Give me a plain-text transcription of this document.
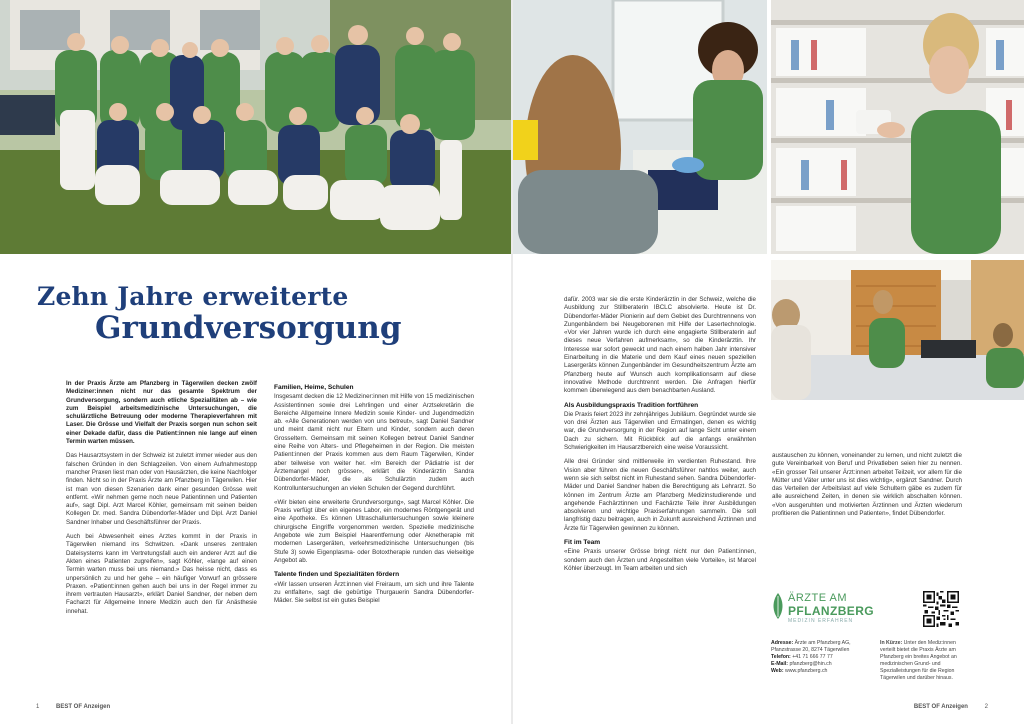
Zehn Jahre erweiterte
Grundversorgung

In der Praxis Ärzte am Pfanzberg in Tägerwilen decken zwölf Mediziner:innen nicht nur das gesamte Spektrum der Grundversorgung, sondern auch etliche Spezialitäten ab – wie zum Beispiel arbeitsmedizinische Untersuchungen, die schulärztliche Betreuung oder moderne Therapieverfahren mit Laser. Die Grösse und Vielfalt der Praxis sorgen nun schon seit einer Dekade dafür, dass die Patient:innen nie lange auf einen Termin warten müssen.

Das Hausarztsystem in der Schweiz ist zuletzt immer wieder aus den falschen Gründen in den Schlagzeilen. Von einem Aufnahmestopp mancher Praxen liest man oder von Hausärzten, die keine Nachfolger finden. Nicht so in der Praxis Ärzte am Pfanzberg in Tägerwilen. Hier ist man von diesen Szenarien dank einer gesunden Grösse weit entfernt. «Wir nehmen gerne noch neue Patientinnen und Patienten auf», sagt Dipl. Arzt Marcel Köhler, gemeinsam mit seinen beiden Kollegen Dr. med. Sandra Dübendorfer-Mäder und Dipl. Arzt Daniel Sandner Inhaber und Geschäftsführer der Praxis.

Auch bei Abwesenheit eines Arztes kommt in der Praxis in Tägerwilen niemand ins Schwitzen. «Dank unseres zentralen Dateisystems kann im Vertretungsfall auch ein anderer Arzt auf die Akten eines Patienten zugreifen», sagt Köhler, «lange auf einen Termin warten muss bei uns niemand.» Das heisse nicht, dass es unpersönlich zu und her gehe – ein häufiger Vorwurf an grössere Praxen. «Patient:innen gehen auch bei uns in der Regel immer zu ihrem vertrauten Hausarzt», erklärt Daniel Sandner, der neben dem Facharzt für Allgemeine Innere Medizin auch den für Anästhesie innehat.

Familien, Heime, Schulen

Insgesamt decken die 12 Mediziner:innen mit Hilfe von 15 medizinischen Assistentinnen sowie drei Lehrlingen und einer Arztsekretärin die Bereiche Allgemeine Innere Medizin sowie Kinder- und Jugendmedizin ab. «Alle Generationen werden von uns betreut», sagt Daniel Sandner und meint damit nicht nur Eltern und Kinder, sondern auch deren Grosseltern. Gemeinsam mit seinen Kollegen betreut Daniel Sandner eine Reihe von Alters- und Pflegeheimen in der Region. Die meisten Patient:innen der Praxis kommen aus dem Raum Tägerwilen, Kinder aber teilweise von weiter her. «Im Bereich der Pädiatrie ist der Ärztemangel noch grösser», erklärt die Kinderärztin Sandra Dübendorfer-Mäder, die als Schulärztin zudem auch Kontrolluntersuchungen an vielen Schulen der Gegend durchführt.

«Wir bieten eine erweiterte Grundversorgung», sagt Marcel Köhler. Die Praxis verfügt über ein eigenes Labor, ein modernes Röntgengerät und eine Apotheke. Es können Ultraschalluntersuchungen sowie kleinere chirurgische Eingriffe vorgenommen werden. Spezielle medizinische Angebote wie zum Beispiel Haarentfernung oder Aknetherapie mit modernen Lasergeräten, verkehrsmedizinische Untersuchungen (bis Stufe 3) sowie Eigenplasma- oder Botoxtherapie runden das vielseitige Angebot ab.

Talente finden und Spezialitäten fördern

«Wir lassen unseren Ärzt:innen viel Freiraum, um sich und ihre Talente zu entfalten», sagt die gebürtige Thurgauerin Sandra Dübendorfer-Mäder. Sie selbst ist ein gutes Beispiel

dafür. 2003 war sie die erste Kinderärztin in der Schweiz, welche die Ausbildung zur Stillberaterin IBCLC absolvierte. Heute ist Dr. Dübendorfer-Mäder Pionierin auf dem Gebiet des Durchtrennens von Zungenbändern bei Neugeborenen mit Hilfe der Lasertechnologie. «Vor vier Jahren wurde ich durch eine engagierte Stillberaterin auf dieses neue Verfahren aufmerksam», so die Kinderärztin. Ihr Interesse war sofort geweckt und nach einem halben Jahr intensiver Einarbeitung in die Materie und dem Kauf eines neuen speziellen Lasergeräts können Zungenbänder im Gesundheitszentrum Ärzte am Pfanzberg heute auf Wunsch auch komplikationsarm auf diese innovative Methode durchtrennt werden. Die Anfragen hierfür kommen überwiegend aus dem benachbarten Ausland.

Als Ausbildungspraxis Tradition fortführen

Die Praxis feiert 2023 ihr zehnjähriges Jubiläum. Gegründet wurde sie von drei Ärzten aus Tägerwilen und Ermatingen, denen es wichtig war, die Grundversorgung in der Region auf lange Sicht unter einem Dach zu sichern. Mit Rückblick auf die anfangs erwähnten Schwierigkeiten im Hausarztbereich eine weise Voraussicht.

Alle drei Gründer sind mittlerweile im verdienten Ruhestand. Ihre Vision aber führen die neuen Geschäftsführer nahtlos weiter, auch wenn sie sich selbst nicht im Ruhestand sehen. Sandra Dübendorfer-Mäder und Daniel Sandner haben die Berechtigung als Lehrarzt. So können im Zentrum Ärzte am Pfanzberg Medizinstudierende und angehende Fachärztinnen und Fachärzte Teile ihrer Ausbildungen absolvieren und wichtige Praxiserfahrungen sammeln. Die soll langfristig dazu beitragen, auch in Zukunft ausreichend Ärztinnen und Ärzte für Tägerwilen gewinnen zu können.

Fit im Team

«Eine Praxis unserer Grösse bringt nicht nur den Patient:innen, sondern auch den Ärzten und Angestellten viele Vorteile», ist Marcel Köhler überzeugt. Im Team arbeiten und sich

austauschen zu können, voneinander zu lernen, und nicht zuletzt die gute Vereinbarkeit von Beruf und Privatleben seien hier zu nennen. «Ein grosser Teil unserer Ärzt:innen arbeitet Teilzeit, vor allem für die Mütter und Väter unter uns ist dies wichtig», ergänzt Sandner. Durch das Verteilen der Arbeitslast auf viele Schultern gäbe es zudem für alle ausreichend Zeiten, in denen sie wirklich abschalten können. «Von ausgeruhten und motivierten Ärztinnen und Ärzten wiederum profitieren die Patientinnen und Patienten», findet Dübendorfer.

ÄRZTE AM
PFLANZBERG
MEDIZIN ERFAHREN
Adresse: Ärzte am Pfanzberg AG, Pfanzstrasse 20, 8274 Tägerwilen
Telefon: +41 71 666 77 77
E-Mail: pfanzberg@hin.ch
Web: www.pfanzberg.ch
In Kürze: Unter den Mediz:innen verteilt bietet die Praxis Ärzte am Pfanzberg ein breites Angebot an medizinischen Grund- und Spezialleistungen für die Region Tägerwilen und darüber hinaus.
1	BEST OF Anzeigen	BEST OF Anzeigen	2
